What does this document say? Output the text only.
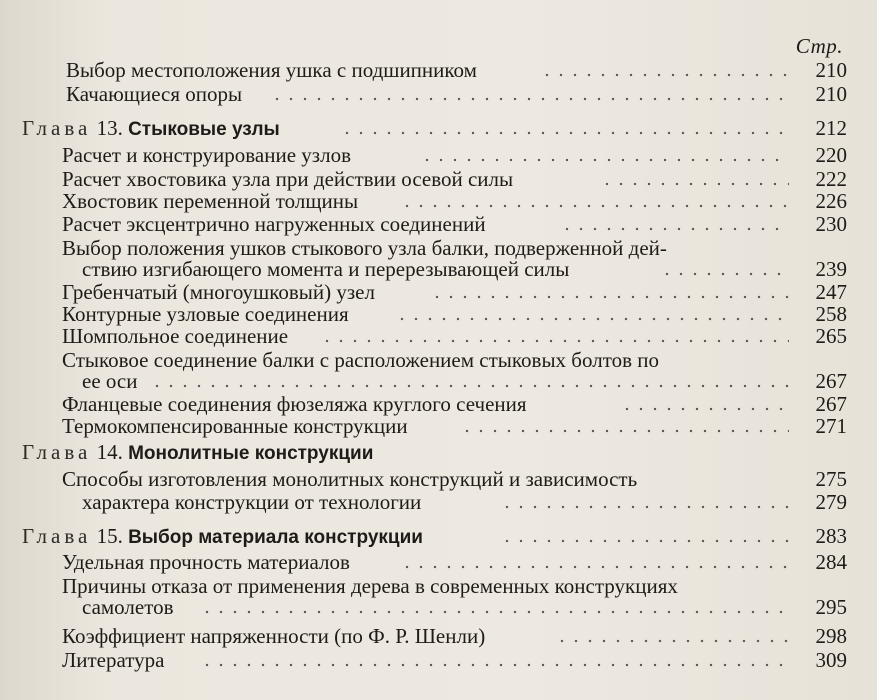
Стр.
Выбор местоположения ушка с подшипником	210
Качающиеся опоры	210
Глава 13. Стыковые узлы	212
Расчет и конструирование узлов	220
Расчет хвостовика узла при действии осевой силы	222
Хвостовик переменной толщины	226
Расчет эксцентрично нагруженных соединений	230
Выбор положения ушков стыкового узла балки, подверженной дей-
ствию изгибающего момента и перерезывающей силы	239
Гребенчатый (многоушковый) узел	247
Контурные узловые соединения	258
Шомпольное соединение	265
Стыковое соединение балки с расположением стыковых болтов по
ее оси	267
Фланцевые соединения фюзеляжа круглого сечения	267
Термокомпенсированные конструкции	271
Глава 14. Монолитные конструкции
Способы изготовления монолитных конструкций и зависимость	275
характера конструкции от технологии	279
Глава 15. Выбор материала конструкции	283
Удельная прочность материалов	284
Причины отказа от применения дерева в современных конструкциях
самолетов	295
Коэффициент напряженности (по Ф. Р. Шенли)	298
Литература	309
